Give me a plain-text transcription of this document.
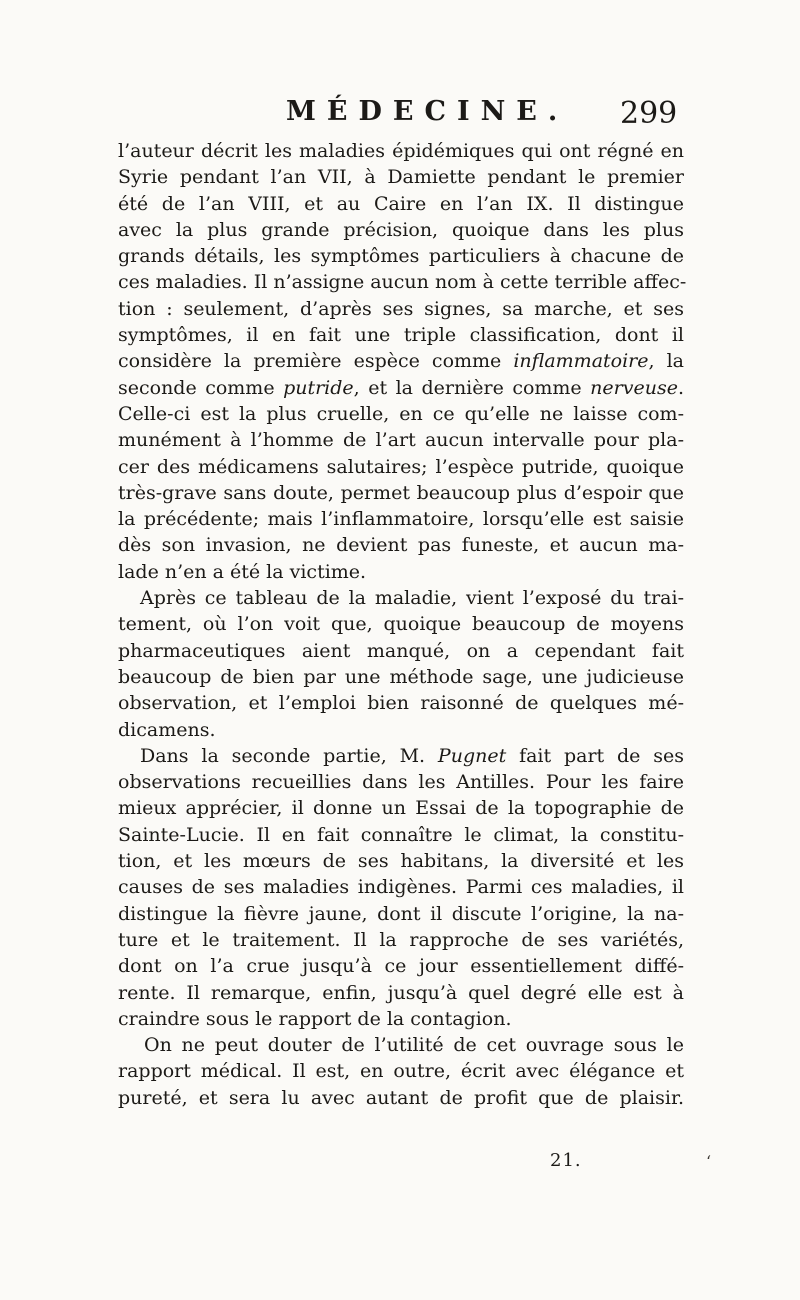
MÉDECINE. 299
l’auteur décrit les maladies épidémiques qui ont régné en
Syrie pendant l’an VII, à Damiette pendant le premier
été de l’an VIII, et au Caire en l’an IX. Il distingue
avec la plus grande précision, quoique dans les plus
grands détails, les symptômes particuliers à chacune de
ces maladies. Il n’assigne aucun nom à cette terrible affec-
tion : seulement, d’après ses signes, sa marche, et ses
symptômes, il en fait une triple classification, dont il
considère la première espèce comme inflammatoire, la
seconde comme putride, et la dernière comme nerveuse.
Celle-ci est la plus cruelle, en ce qu’elle ne laisse com-
munément à l’homme de l’art aucun intervalle pour pla-
cer des médicamens salutaires; l’espèce putride, quoique
très-grave sans doute, permet beaucoup plus d’espoir que
la précédente; mais l’inflammatoire, lorsqu’elle est saisie
dès son invasion, ne devient pas funeste, et aucun ma-
lade n’en a été la victime.
Après ce tableau de la maladie, vient l’exposé du trai-
tement, où l’on voit que, quoique beaucoup de moyens
pharmaceutiques aient manqué, on a cependant fait
beaucoup de bien par une méthode sage, une judicieuse
observation, et l’emploi bien raisonné de quelques mé-
dicamens.
Dans la seconde partie, M. Pugnet fait part de ses
observations recueillies dans les Antilles. Pour les faire
mieux apprécier, il donne un Essai de la topographie de
Sainte-Lucie. Il en fait connaître le climat, la constitu-
tion, et les mœurs de ses habitans, la diversité et les
causes de ses maladies indigènes. Parmi ces maladies, il
distingue la fièvre jaune, dont il discute l’origine, la na-
ture et le traitement. Il la rapproche de ses variétés,
dont on l’a crue jusqu’à ce jour essentiellement diffé-
rente. Il remarque, enfin, jusqu’à quel degré elle est à
craindre sous le rapport de la contagion.
On ne peut douter de l’utilité de cet ouvrage sous le
rapport médical. Il est, en outre, écrit avec élégance et
pureté, et sera lu avec autant de profit que de plaisir.
21.	‘
